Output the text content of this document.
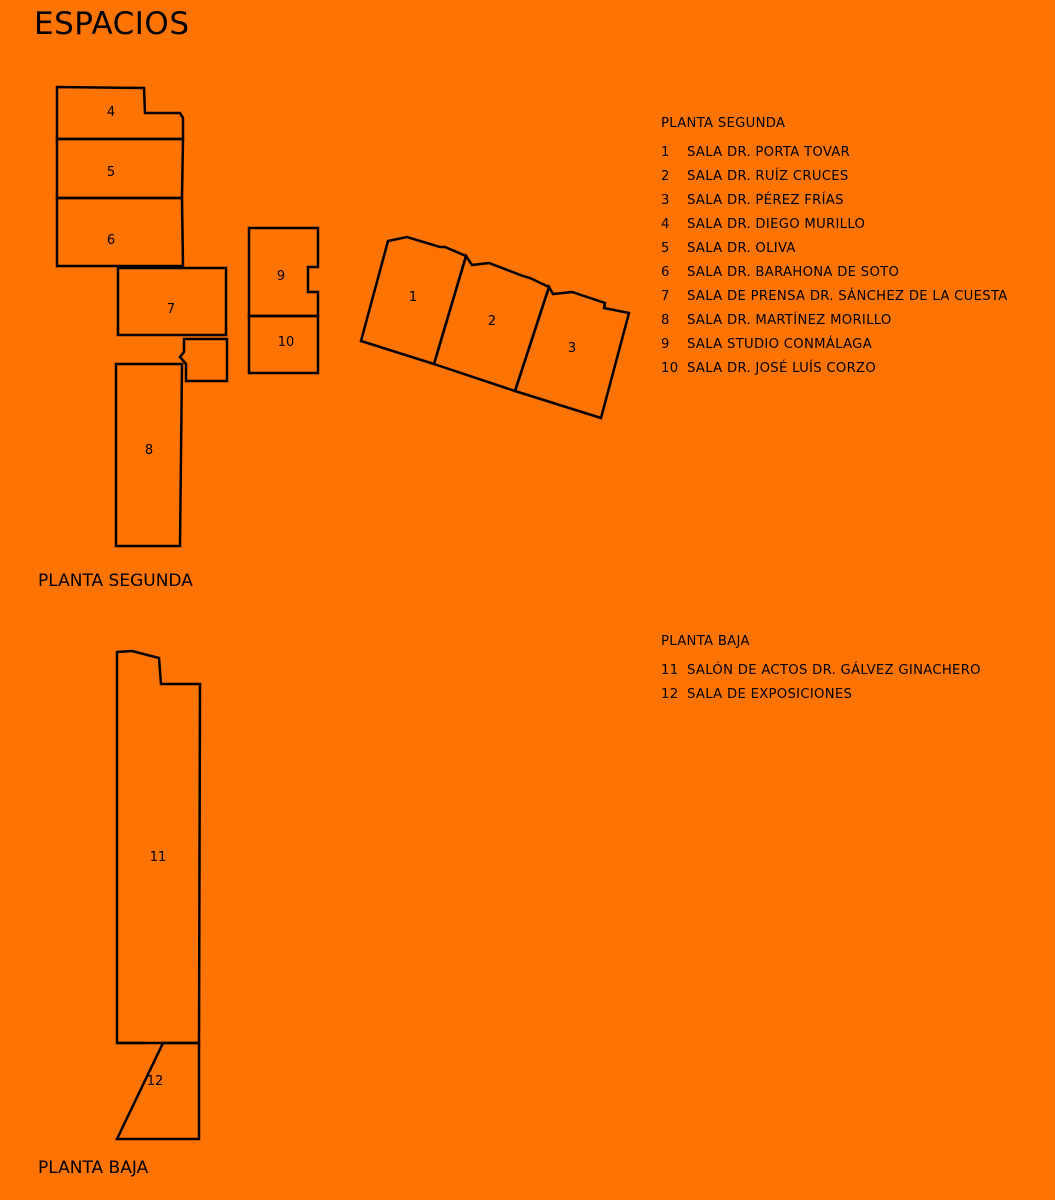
ESPACIOS
4
5
6
7
8
9
10
1
2
3
11
12
PLANTA SEGUNDA
PLANTA BAJA
PLANTA SEGUNDA
1 SALA DR. PORTA TOVAR
2 SALA DR. RUÍZ CRUCES
3 SALA DR. PÉREZ FRÍAS
4 SALA DR. DIEGO MURILLO
5 SALA DR. OLIVA
6 SALA DR. BARAHONA DE SOTO
7 SALA DE PRENSA DR. SÁNCHEZ DE LA CUESTA
8 SALA DR. MARTÍNEZ MORILLO
9 SALA STUDIO CONMÁLAGA
10 SALA DR. JOSÉ LUÍS CORZO
PLANTA BAJA
11 SALÓN DE ACTOS DR. GÁLVEZ GINACHERO
12 SALA DE EXPOSICIONES
